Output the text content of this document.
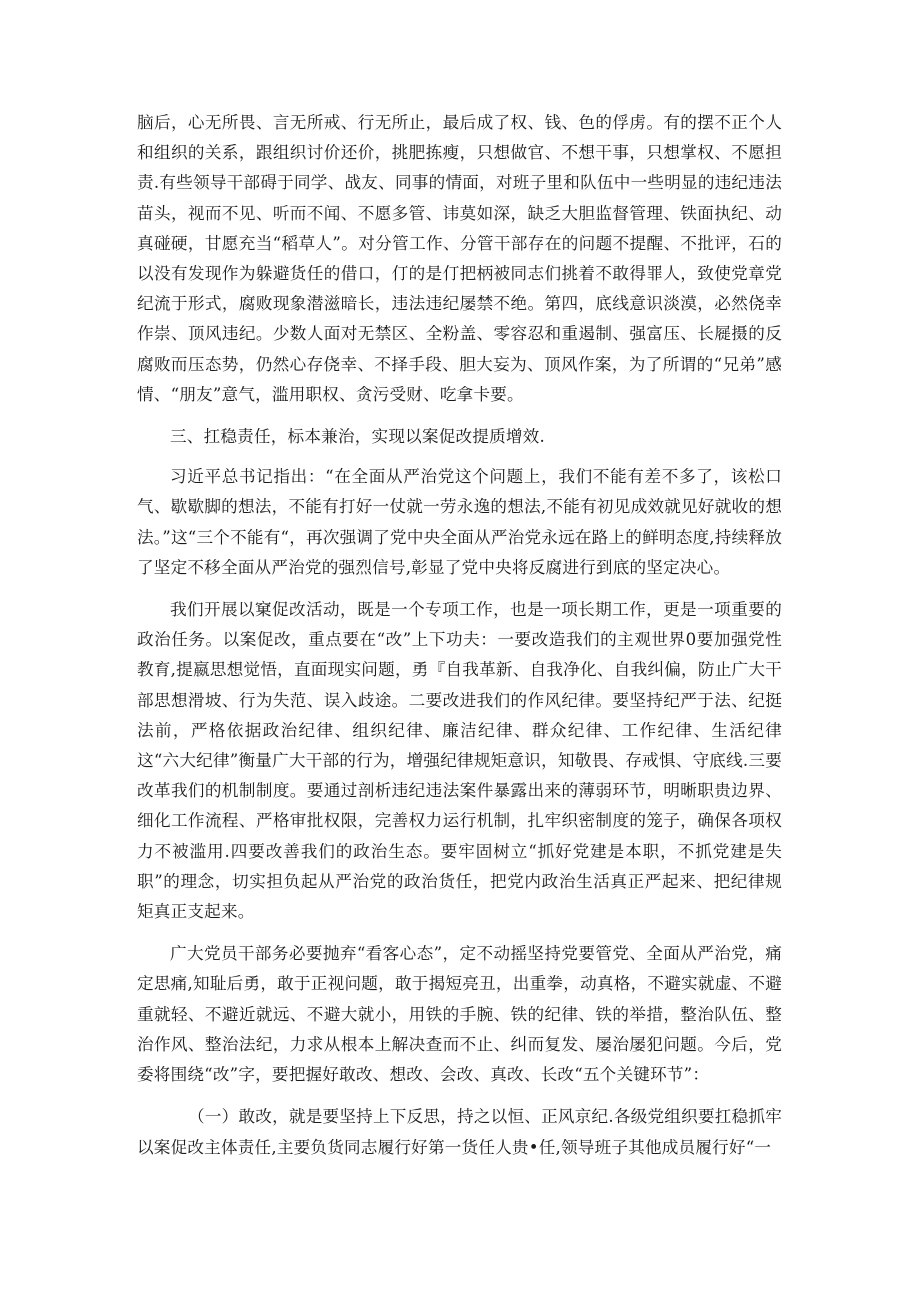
脑后，心无所畏、言无所戒、行无所止，最后成了权、钱、色的俘虏。有的摆不正个人和组织的关系，跟组织讨价还价，挑肥拣瘦，只想做官、不想干事，只想掌权、不愿担责.有些领导干部碍于同学、战友、同事的情面，对班子里和队伍中一些明显的违纪违法苗头，视而不见、听而不闻、不愿多管、讳莫如深，缺乏大胆监督管理、铁面执纪、动真碰硬，甘愿充当“稻草人”。对分管工作、分管干部存在的问题不提醒、不批评，石的以没有发现作为躲避货任的借口，仃的是仃把柄被同志们挑着不敢得罪人，致使党章党纪流于形式，腐败现象潜滋暗长，违法违纪屡禁不绝。第四，底线意识淡漠，必然侥幸作崇、顶风违纪。少数人面对无禁区、全粉盖、零容忍和重遏制、强富压、长屣摄的反腐败而压态势，仍然心存侥幸、不择手段、胆大妄为、顶风作案，为了所谓的“兄弟”感情、“朋友”意气，滥用职权、贪污受财、吃拿卡要。

三、扛稳责任，标本兼治，实现以案促改提质增效.

习近平总书记指出：“在全面从严治党这个问题上，我们不能有差不多了，该松口气、歇歇脚的想法，不能有打好一仗就一劳永逸的想法,不能有初见成效就见好就收的想法。”这“三个不能有“，再次强调了党中央全面从严治党永远在路上的鲜明态度,持续释放了坚定不移全面从严治党的强烈信号,彰显了党中央将反腐进行到底的坚定决心。

我们开展以窠促改活动，既是一个专项工作，也是一项长期工作，更是一项重要的政治任务。以案促改，重点要在“改”上下功夫：一要改造我们的主观世界0要加强党性教育,提嬴思想觉悟，直面现实问题，勇『自我革新、自我净化、自我纠偏，防止广大干部思想滑坡、行为失范、误入歧途。二要改进我们的作风纪律。要坚持纪严于法、纪挺法前，严格依据政治纪律、组织纪律、廉洁纪律、群众纪律、工作纪律、生活纪律这“六大纪律”衡量广大干部的行为，增强纪律规矩意识，知敬畏、存戒惧、守底线.三要改革我们的机制制度。要通过剖析违纪违法案件暴露出来的薄弱环节，明晰职贵边界、细化工作流程、严格审批权限，完善权力运行机制，扎牢织密制度的笼子，确保各项权力不被滥用.四要改善我们的政治生态。要牢固树立“抓好党建是本职，不抓党建是失职”的理念，切实担负起从严治党的政治货任，把党内政治生活真正严起来、把纪律规矩真正支起来。

广大党员干部务必要抛弃“看客心态”，定不动摇坚持党要管党、全面从严治党，痛定思痛,知耻后勇，敢于正视问题，敢于揭短亮丑，出重拳，动真格，不避实就虚、不避重就轻、不避近就远、不避大就小，用铁的手腕、铁的纪律、铁的举措，整治队伍、整治作风、整治法纪，力求从根本上解决查而不止、纠而复发、屡治屡犯问题。今后，党委将围绕“改”字，要把握好敢改、想改、会改、真改、长改“五个关键环节”：

（一）敢改，就是要坚持上下反思，持之以恒、正风京纪.各级党组织要扛稳抓牢以案促改主体责任,主要负货同志履行好第一货任人贵•任,领导班子其他成员履行好“一
